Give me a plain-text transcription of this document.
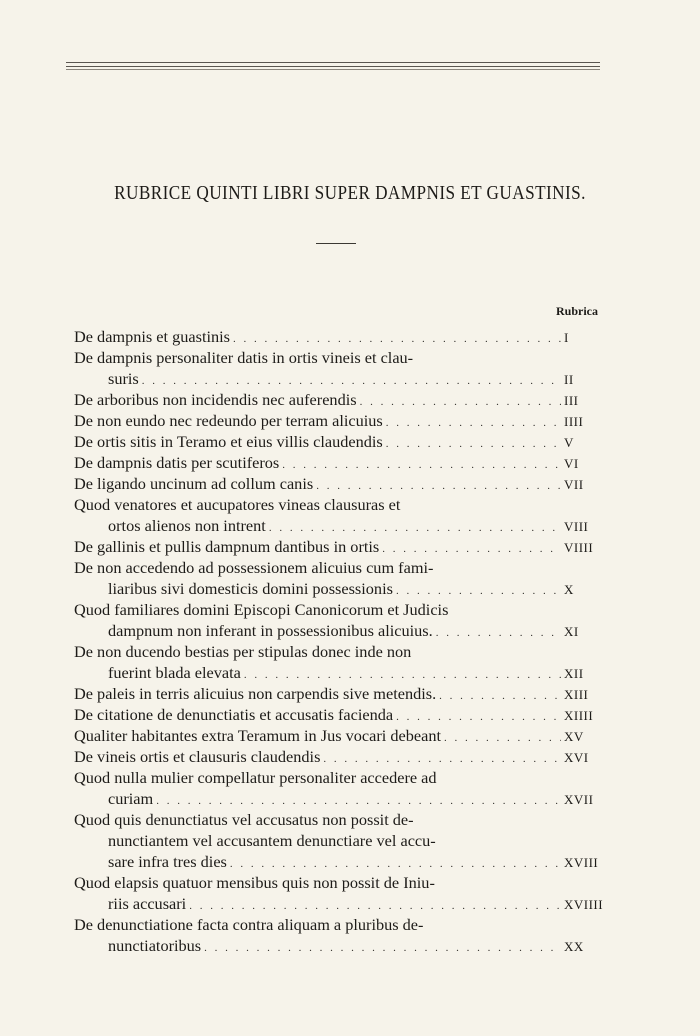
RUBRICE QUINTI LIBRI SUPER DAMPNIS ET GUASTINIS.
Rubrica
De dampnis et guastinis . . .	I
De dampnis personaliter datis in ortis vineis et clau-
suris . . .	II
De arboribus non incidendis nec auferendis . . .	III
De non eundo nec redeundo per terram alicuius . . .	IIII
De ortis sitis in Teramo et eius villis claudendis . . .	V
De dampnis datis per scutiferos . . .	VI
De ligando uncinum ad collum canis . . .	VII
Quod venatores et aucupatores vineas clausuras et
ortos alienos non intrent . . .	VIII
De gallinis et pullis dampnum dantibus in ortis . . .	VIIII
De non accedendo ad possessionem alicuius cum fami-
liaribus sivi domesticis domini possessionis . . .	X
Quod familiares domini Episcopi Canonicorum et Judicis
dampnum non inferant in possessionibus alicuius. . . .	XI
De non ducendo bestias per stipulas donec inde non
fuerint blada elevata . . .	XII
De paleis in terris alicuius non carpendis sive metendis. . . .	XIII
De citatione de denunctiatis et accusatis facienda . . .	XIIII
Qualiter habitantes extra Teramum in Jus vocari debeant . . .	XV
De vineis ortis et clausuris claudendis . . .	XVI
Quod nulla mulier compellatur personaliter accedere ad
curiam . . .	XVII
Quod quis denunctiatus vel accusatus non possit de-
nunctiantem vel accusantem denunctiare vel accu-
sare infra tres dies . . .	XVIII
Quod elapsis quatuor mensibus quis non possit de Iniu-
riis accusari . . .	XVIIII
De denunctiatione facta contra aliquam a pluribus de-
nunctiatoribus . . .	XX
